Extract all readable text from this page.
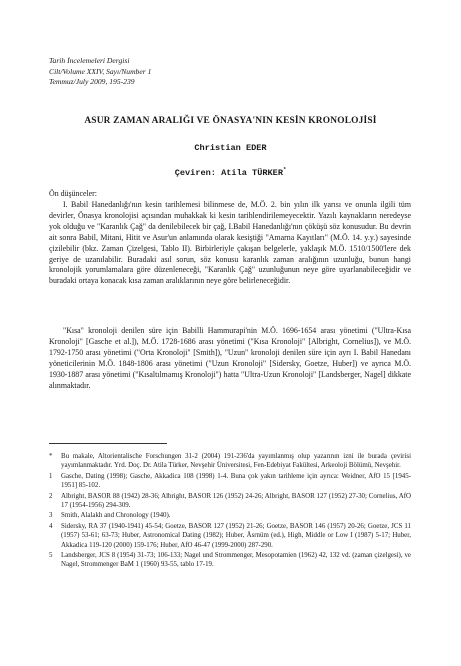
Tarih İncelemeleri Dergisi
Cilt/Volume XXIV, Sayı/Number 1
Temmuz/July 2009, 195-239
ASUR ZAMAN ARALIĞI VE ÖNASYA'NIN KESİN KRONOLOJİSİ
Christian EDER
Çeviren: Atila TÜRKER*

Ön düşünceler:

I. Babil Hanedanlığı'nın kesin tarihlemesi bilinmese de, M.Ö. 2. bin yılın ilk yarısı ve onunla ilgili tüm devirler, Önasya kronolojisi açısından muhakkak ki kesin tarihlendirilemeyecektir. Yazılı kaynakların neredeyse yok olduğu ve "Karanlık Çağ" da denilebilecek bir çağ, I.Babil Hanedanlığı'nın çöküşü söz konusudur. Bu devrin ait sonra Babil, Mitani, Hitit ve Asur'un anlamında olarak kesiştiği "Amarna Kayıtları" (M.Ö. 14. y.y.) sayesinde çizilebilir (bkz. Zaman Çizelgesi, Tablo II). Birbirleriyle çakışan belgelerle, yaklaşık M.Ö. 1510/1500'lere dek geriye de uzanılabilir. Buradaki asıl sorun, söz konusu karanlık zaman aralığının uzunluğu, bunun hangi kronolojik yorumlamalara göre düzenleneceği, "Karanlık Çağ" uzunluğunun neye göre uyarlanabileceğidir ve buradaki ortaya konacak kısa zaman aralıklarının neye göre belirleneceğidir.

"Kısa" kronoloji denilen süre için Babilli Hammurapi'nin M.Ö. 1696-1654 arası yönetimi ("Ultra-Kısa Kronoloji" [Gasche et al.]), M.Ö. 1728-1686 arası yönetimi ("Kısa Kronoloji" [Albright, Cornelius]), ve M.Ö. 1792-1750 arası yönetimi ("Orta Kronoloji" [Smith]), "Uzun" kronoloji denilen süre için ayrı I. Babil Hanedanı yöneticilerinin M.Ö. 1848-1806 arası yönetimi ("Uzun Kronoloji" [Sidersky, Goetze, Huber]) ve ayrıca M.Ö. 1930-1887 arası yönetimi ("Kısaltılmamış Kronoloji") hatta "Ultra-Uzun Kronoloji" [Landsberger, Nagel] dikkate alınmaktadır.

* Bu makale, Altorientalische Forschungen 31-2 (2004) 191-236'da yayımlanmış olup yazarının izni ile burada çevirisi yayımlanmaktadır. Yrd. Doç. Dr. Atila Türker, Nevşehir Üniversitesi, Fen-Edebiyat Fakültesi, Arkeoloji Bölümü, Nevşehir.
1 Gasche, Dating (1998); Gasche, Akkadica 108 (1998) 1-4. Buna çok yakın tarihleme için ayrıca: Weidner, AfO 15 [1945-1951] 85-102.
2 Albright, BASOR 88 (1942) 28-36; Albright, BASOR 126 (1952) 24-26; Albright, BASOR 127 (1952) 27-30; Cornelius, AfO 17 (1954-1956) 294-309.
3 Smith, Alalakh and Chronology (1940).
4 Sidersky, RA 37 (1940-1941) 45-54; Goetze, BASOR 127 (1952) 21-26; Goetze, BASOR 146 (1957) 20-26; Goetze, JCS 11 (1957) 53-61; 63-73; Huber, Astronomical Dating (1982); Huber, Äsrnüm (ed.), High, Middle or Low I (1987) 5-17; Huber, Akkadica 119-120 (2000) 159-176; Huber, AfO 46-47 (1999-2000) 287-290.
5 Landsberger, JCS 8 (1954) 31-73; 106-133; Nagel und Strommenger, Mesopotamien (1962) 42, 132 vd. (zaman çizelgesi), ve Nagel, Strommenger BaM 1 (1960) 93-55, tablo 17-19.
